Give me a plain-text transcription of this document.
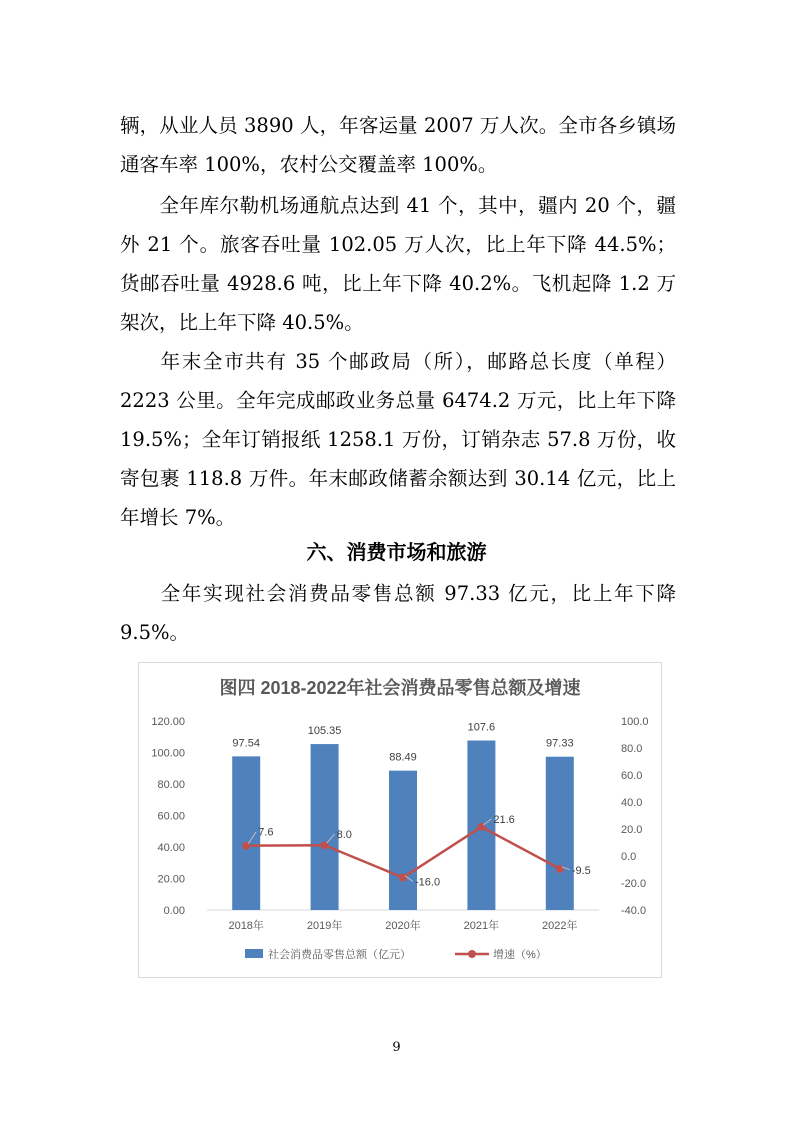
辆，从业人员 3890 人，年客运量 2007 万人次。全市各乡镇场通客车率 100%，农村公交覆盖率 100%。
全年库尔勒机场通航点达到 41 个，其中，疆内 20 个，疆外 21 个。旅客吞吐量 102.05 万人次，比上年下降 44.5%；货邮吞吐量 4928.6 吨，比上年下降 40.2%。飞机起降 1.2 万架次，比上年下降 40.5%。
年末全市共有 35 个邮政局（所），邮路总长度（单程）2223 公里。全年完成邮政业务总量 6474.2 万元，比上年下降 19.5%；全年订销报纸 1258.1 万份，订销杂志 57.8 万份，收寄包裹 118.8 万件。年末邮政储蓄余额达到 30.14 亿元，比上年增长 7%。
六、消费市场和旅游
全年实现社会消费品零售总额 97.33 亿元，比上年下降 9.5%。
图四 2018-2022年社会消费品零售总额及增速
0.00
20.00
40.00
60.00
80.00
100.00
120.00
-40.0
-20.0
0.0
20.0
40.0
60.0
80.0
100.0
97.54
105.35
88.49
107.6
97.33
2018年	2019年	2020年	2021年	2022年
7.6	8.0
-16.0
21.6
-9.5
社会消费品零售总额（亿元）	增速（%）
9
